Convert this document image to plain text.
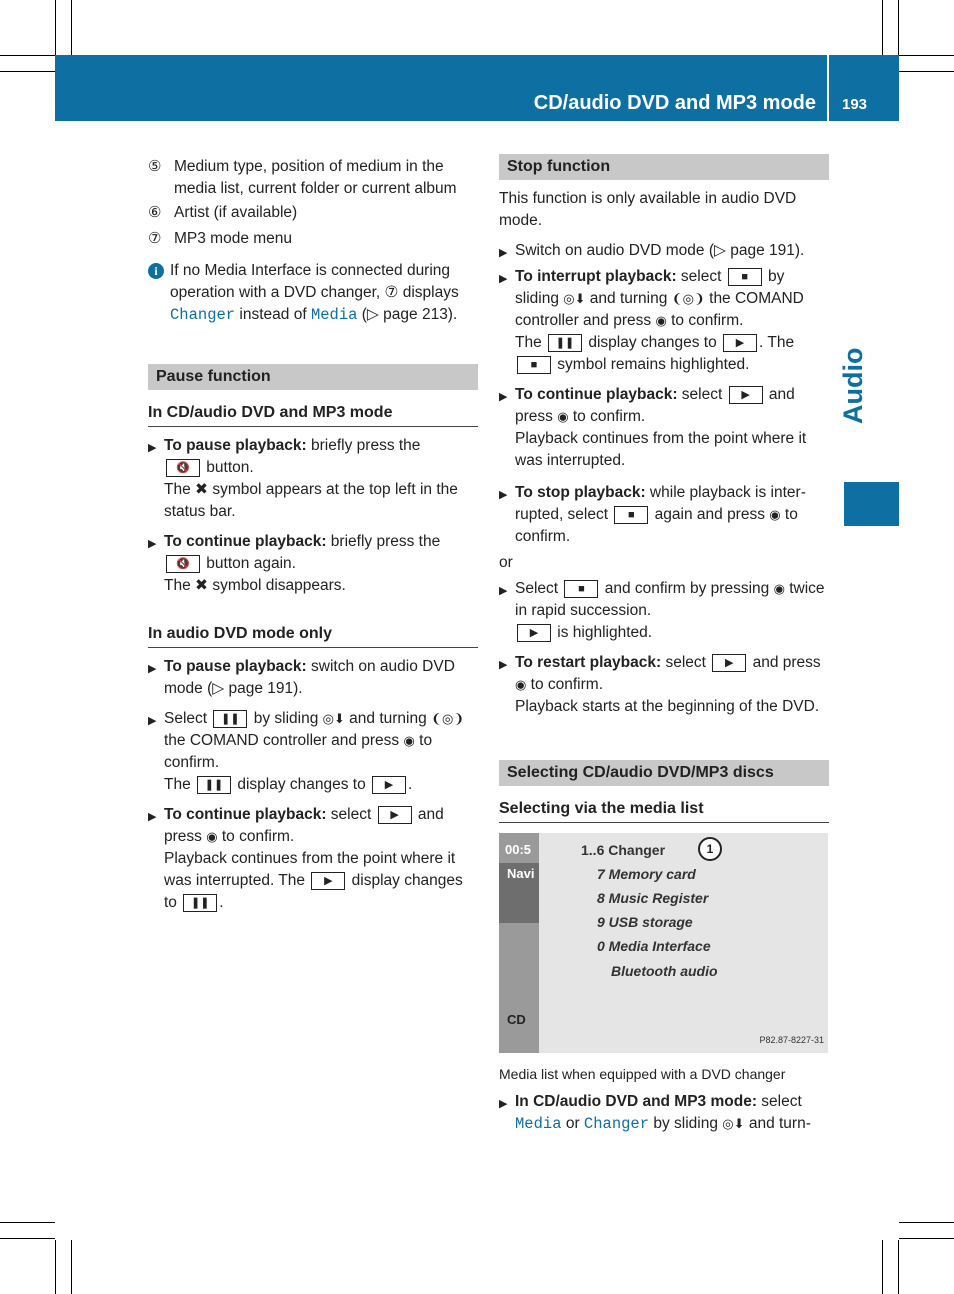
CD/audio DVD and MP3 mode 193
Audio
⑤ Medium type, position of medium in the media list, current folder or current album
⑥ Artist (if available)
⑦ MP3 mode menu
i If no Media Interface is connected during operation with a DVD changer, ⑦ displays Changer instead of Media (▷ page 213).
Pause function
In CD/audio DVD and MP3 mode
▶ To pause playback: briefly press the
🔇 button.
The ✖ symbol appears at the top left in the status bar.
▶ To continue playback: briefly press the
🔇 button again.
The ✖ symbol disappears.
In audio DVD mode only
▶ To pause playback: switch on audio DVD mode (▷ page 191).
▶ Select ❚❚ by sliding ◎⬇ and turning ❨◎❩ the COMAND controller and press ◉ to confirm.
The ❚❚ display changes to ▶ .
▶ To continue playback: select ▶ and press ◉ to confirm.
Playback continues from the point where it was interrupted. The ▶ display changes to ❚❚ .
Stop function
This function is only available in audio DVD mode.
▶ Switch on audio DVD mode (▷ page 191).
▶ To interrupt playback: select ■ by sliding ◎⬇ and turning ❨◎❩ the COMAND controller and press ◉ to confirm.
The ❚❚ display changes to ▶ . The
■ symbol remains highlighted.
▶ To continue playback: select ▶ and press ◉ to confirm.
Playback continues from the point where it was interrupted.
▶ To stop playback: while playback is inter-rupted, select ■ again and press ◉ to confirm.
or
▶ Select ■ and confirm by pressing ◉ twice in rapid succession.
▶ is highlighted.
▶ To restart playback: select ▶ and press ◉ to confirm.
Playback starts at the beginning of the DVD.
Selecting CD/audio DVD/MP3 discs
Selecting via the media list
00:5
Navi
CD
1..6 Changer
7 Memory card
8 Music Register
9 USB storage
0 Media Interface
Bluetooth audio
1
P82.87-8227-31
Media list when equipped with a DVD changer
▶ In CD/audio DVD and MP3 mode: select
Media or Changer by sliding ◎⬇ and turn-
